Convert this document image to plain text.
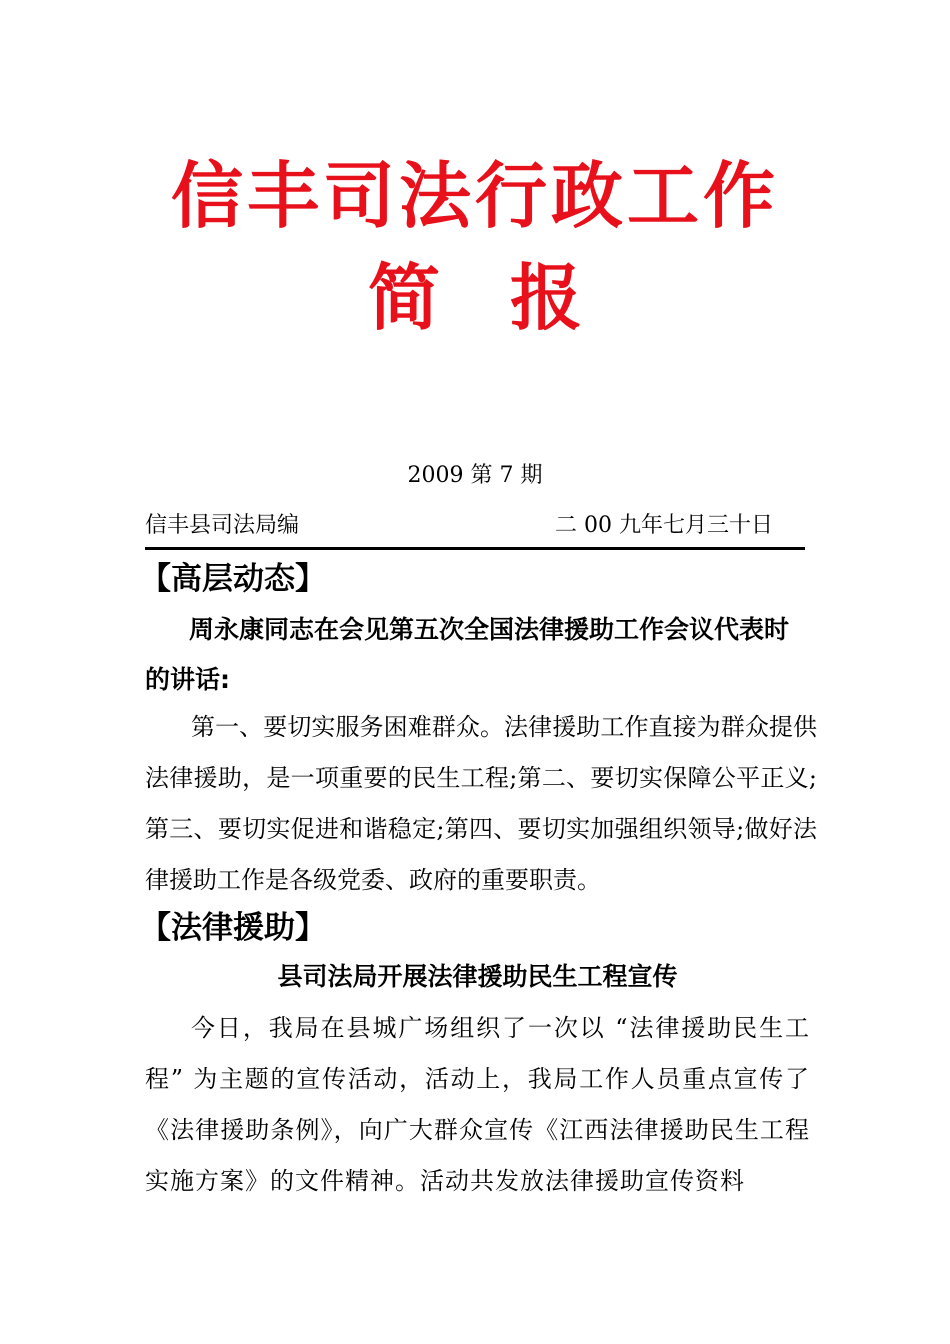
信丰司法行政工作
简报
2009 第 7 期
信丰县司法局编	二 00 九年七月三十日
【高层动态】
周永康同志在会见第五次全国法律援助工作会议代表时的讲话:
第一、要切实服务困难群众。法律援助工作直接为群众提供法律援助，是一项重要的民生工程;第二、要切实保障公平正义; 第三、要切实促进和谐稳定;第四、要切实加强组织领导;做好法律援助工作是各级党委、政府的重要职责。
【法律援助】
县司法局开展法律援助民生工程宣传
今日，我局在县城广场组织了一次以 “法律援助民生工程” 为主题的宣传活动，活动上，我局工作人员重点宣传了《法律援助条例》，向广大群众宣传《江西法律援助民生工程实施方案》的文件精神。活动共发放法律援助宣传资料
